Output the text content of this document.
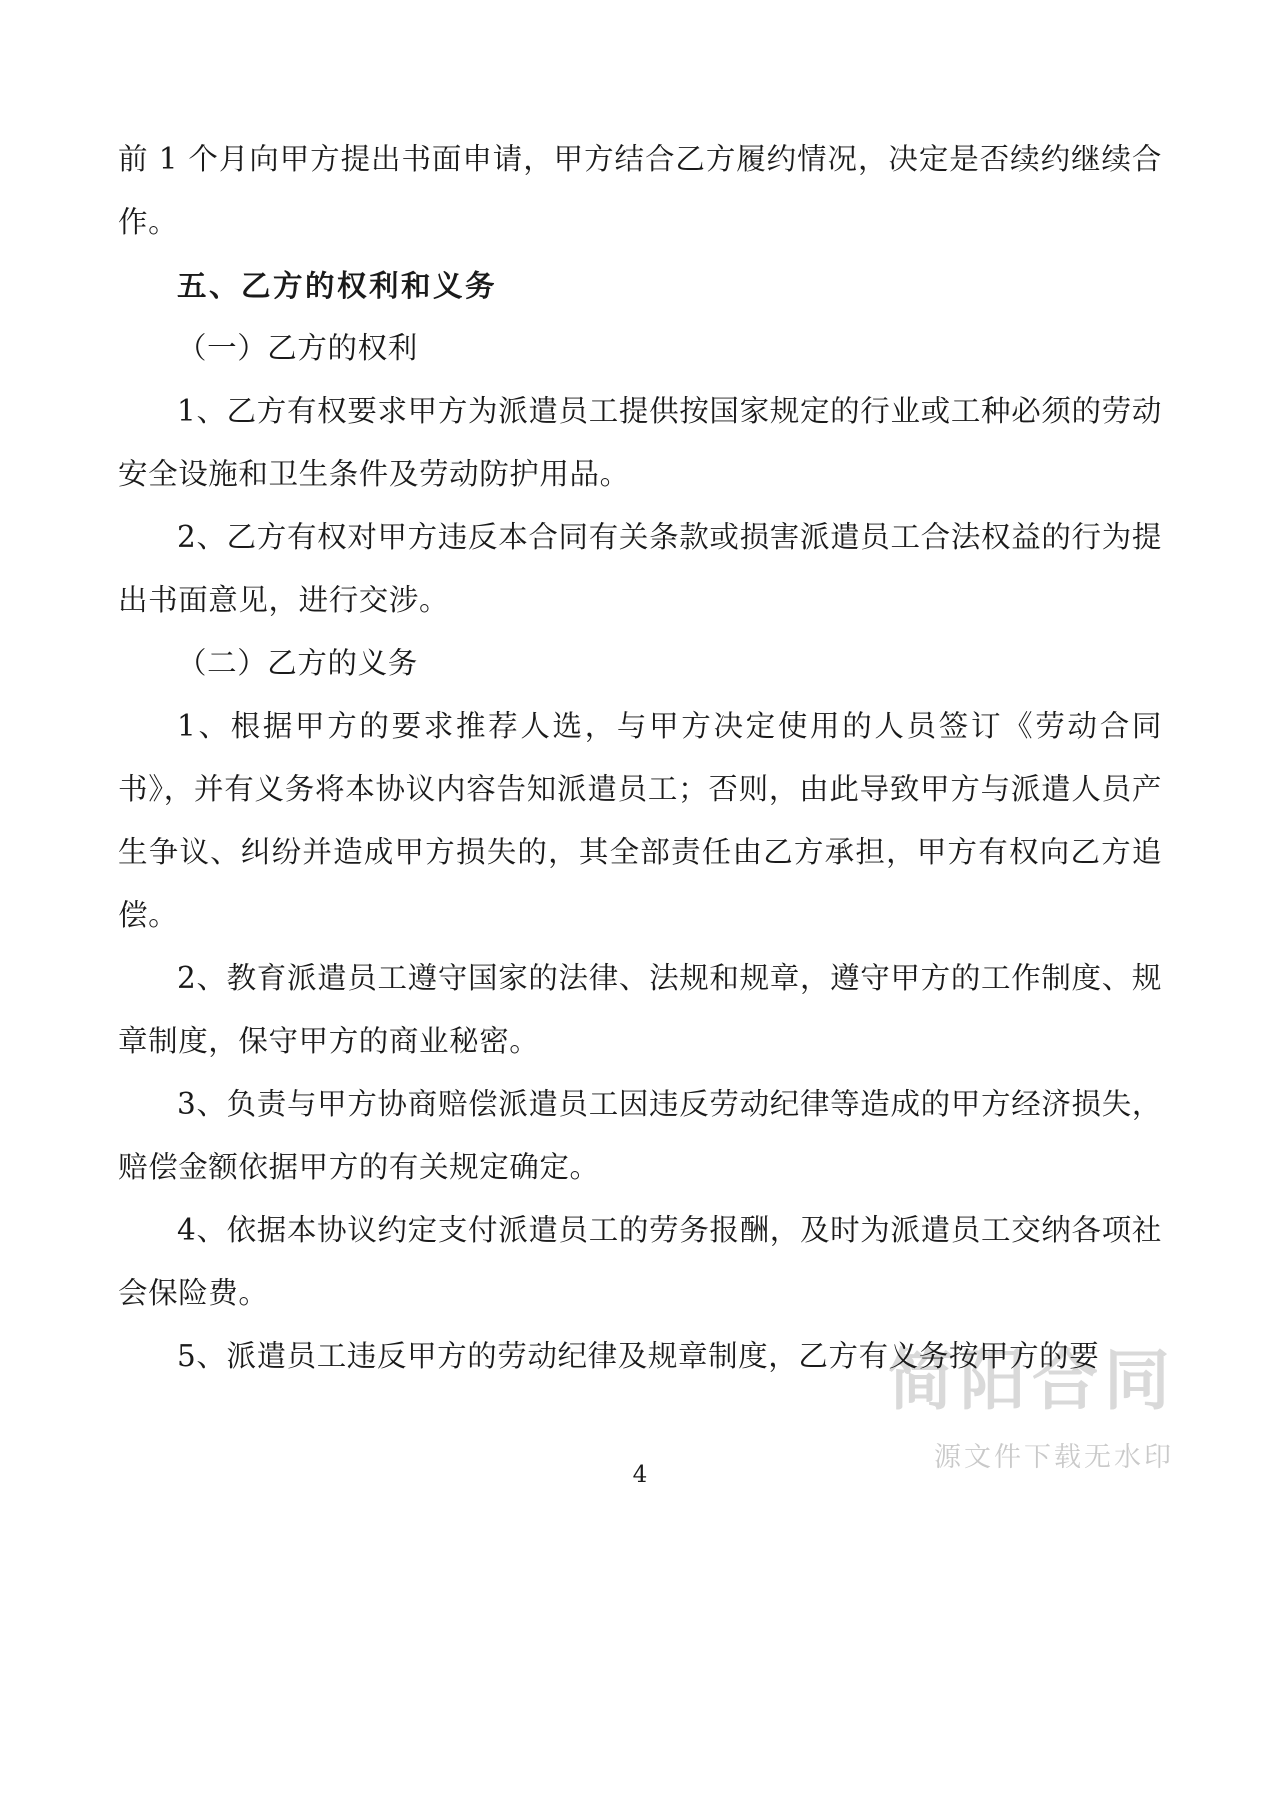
简阳合同
源文件下载无水印

前 1 个月向甲方提出书面申请，甲方结合乙方履约情况，决定是否续约继续合作。

五、乙方的权利和义务

（一）乙方的权利

1、乙方有权要求甲方为派遣员工提供按国家规定的行业或工种必须的劳动安全设施和卫生条件及劳动防护用品。

2、乙方有权对甲方违反本合同有关条款或损害派遣员工合法权益的行为提出书面意见，进行交涉。

（二）乙方的义务

1、根据甲方的要求推荐人选，与甲方决定使用的人员签订《劳动合同书》，并有义务将本协议内容告知派遣员工；否则，由此导致甲方与派遣人员产生争议、纠纷并造成甲方损失的，其全部责任由乙方承担，甲方有权向乙方追偿。

2、教育派遣员工遵守国家的法律、法规和规章，遵守甲方的工作制度、规章制度，保守甲方的商业秘密。

3、负责与甲方协商赔偿派遣员工因违反劳动纪律等造成的甲方经济损失，赔偿金额依据甲方的有关规定确定。

4、依据本协议约定支付派遣员工的劳务报酬，及时为派遣员工交纳各项社会保险费。

5、派遣员工违反甲方的劳动纪律及规章制度，乙方有义务按甲方的要

4
